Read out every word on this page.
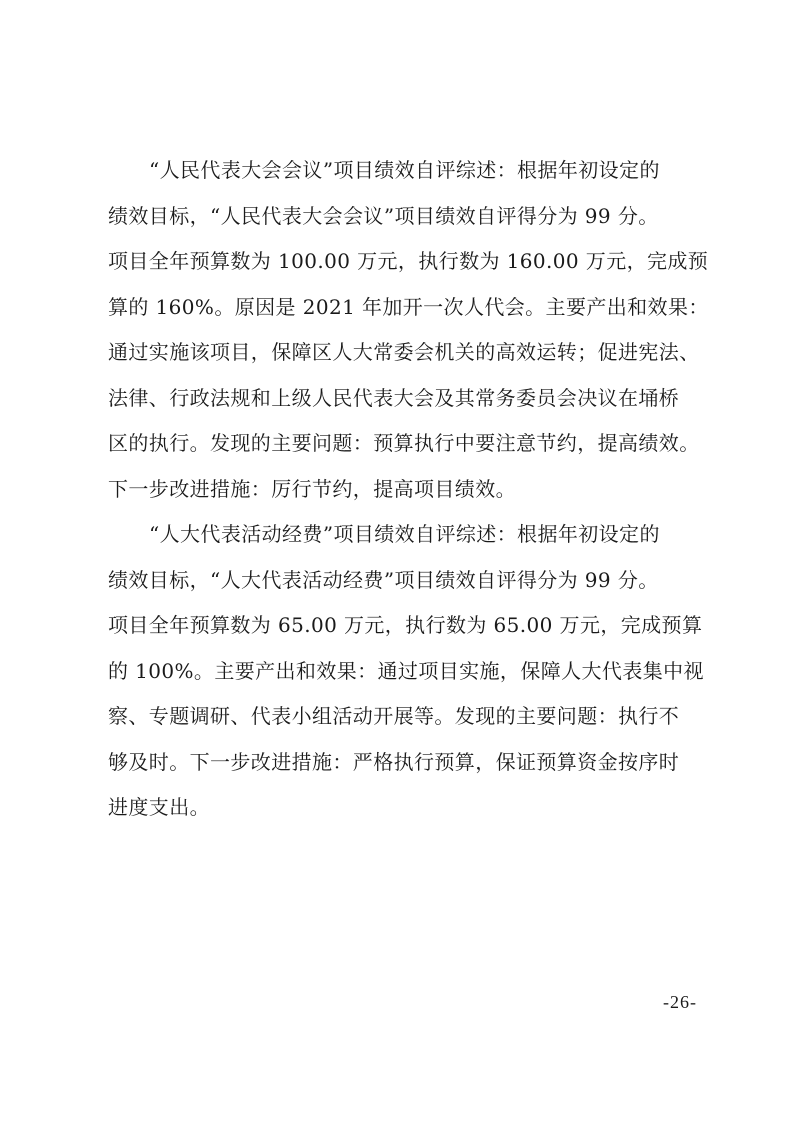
“人民代表大会会议”项目绩效自评综述：根据年初设定的
绩效目标，“人民代表大会会议”项目绩效自评得分为 99 分。
项目全年预算数为 100.00 万元，执行数为 160.00 万元，完成预
算的 160%。原因是 2021 年加开一次人代会。主要产出和效果：
通过实施该项目，保障区人大常委会机关的高效运转；促进宪法、
法律、行政法规和上级人民代表大会及其常务委员会决议在埇桥
区的执行。发现的主要问题：预算执行中要注意节约，提高绩效。
下一步改进措施：厉行节约，提高项目绩效。
“人大代表活动经费”项目绩效自评综述：根据年初设定的
绩效目标，“人大代表活动经费”项目绩效自评得分为 99 分。
项目全年预算数为 65.00 万元，执行数为 65.00 万元，完成预算
的 100%。主要产出和效果：通过项目实施，保障人大代表集中视
察、专题调研、代表小组活动开展等。发现的主要问题：执行不
够及时。下一步改进措施：严格执行预算，保证预算资金按序时
进度支出。
-26-
